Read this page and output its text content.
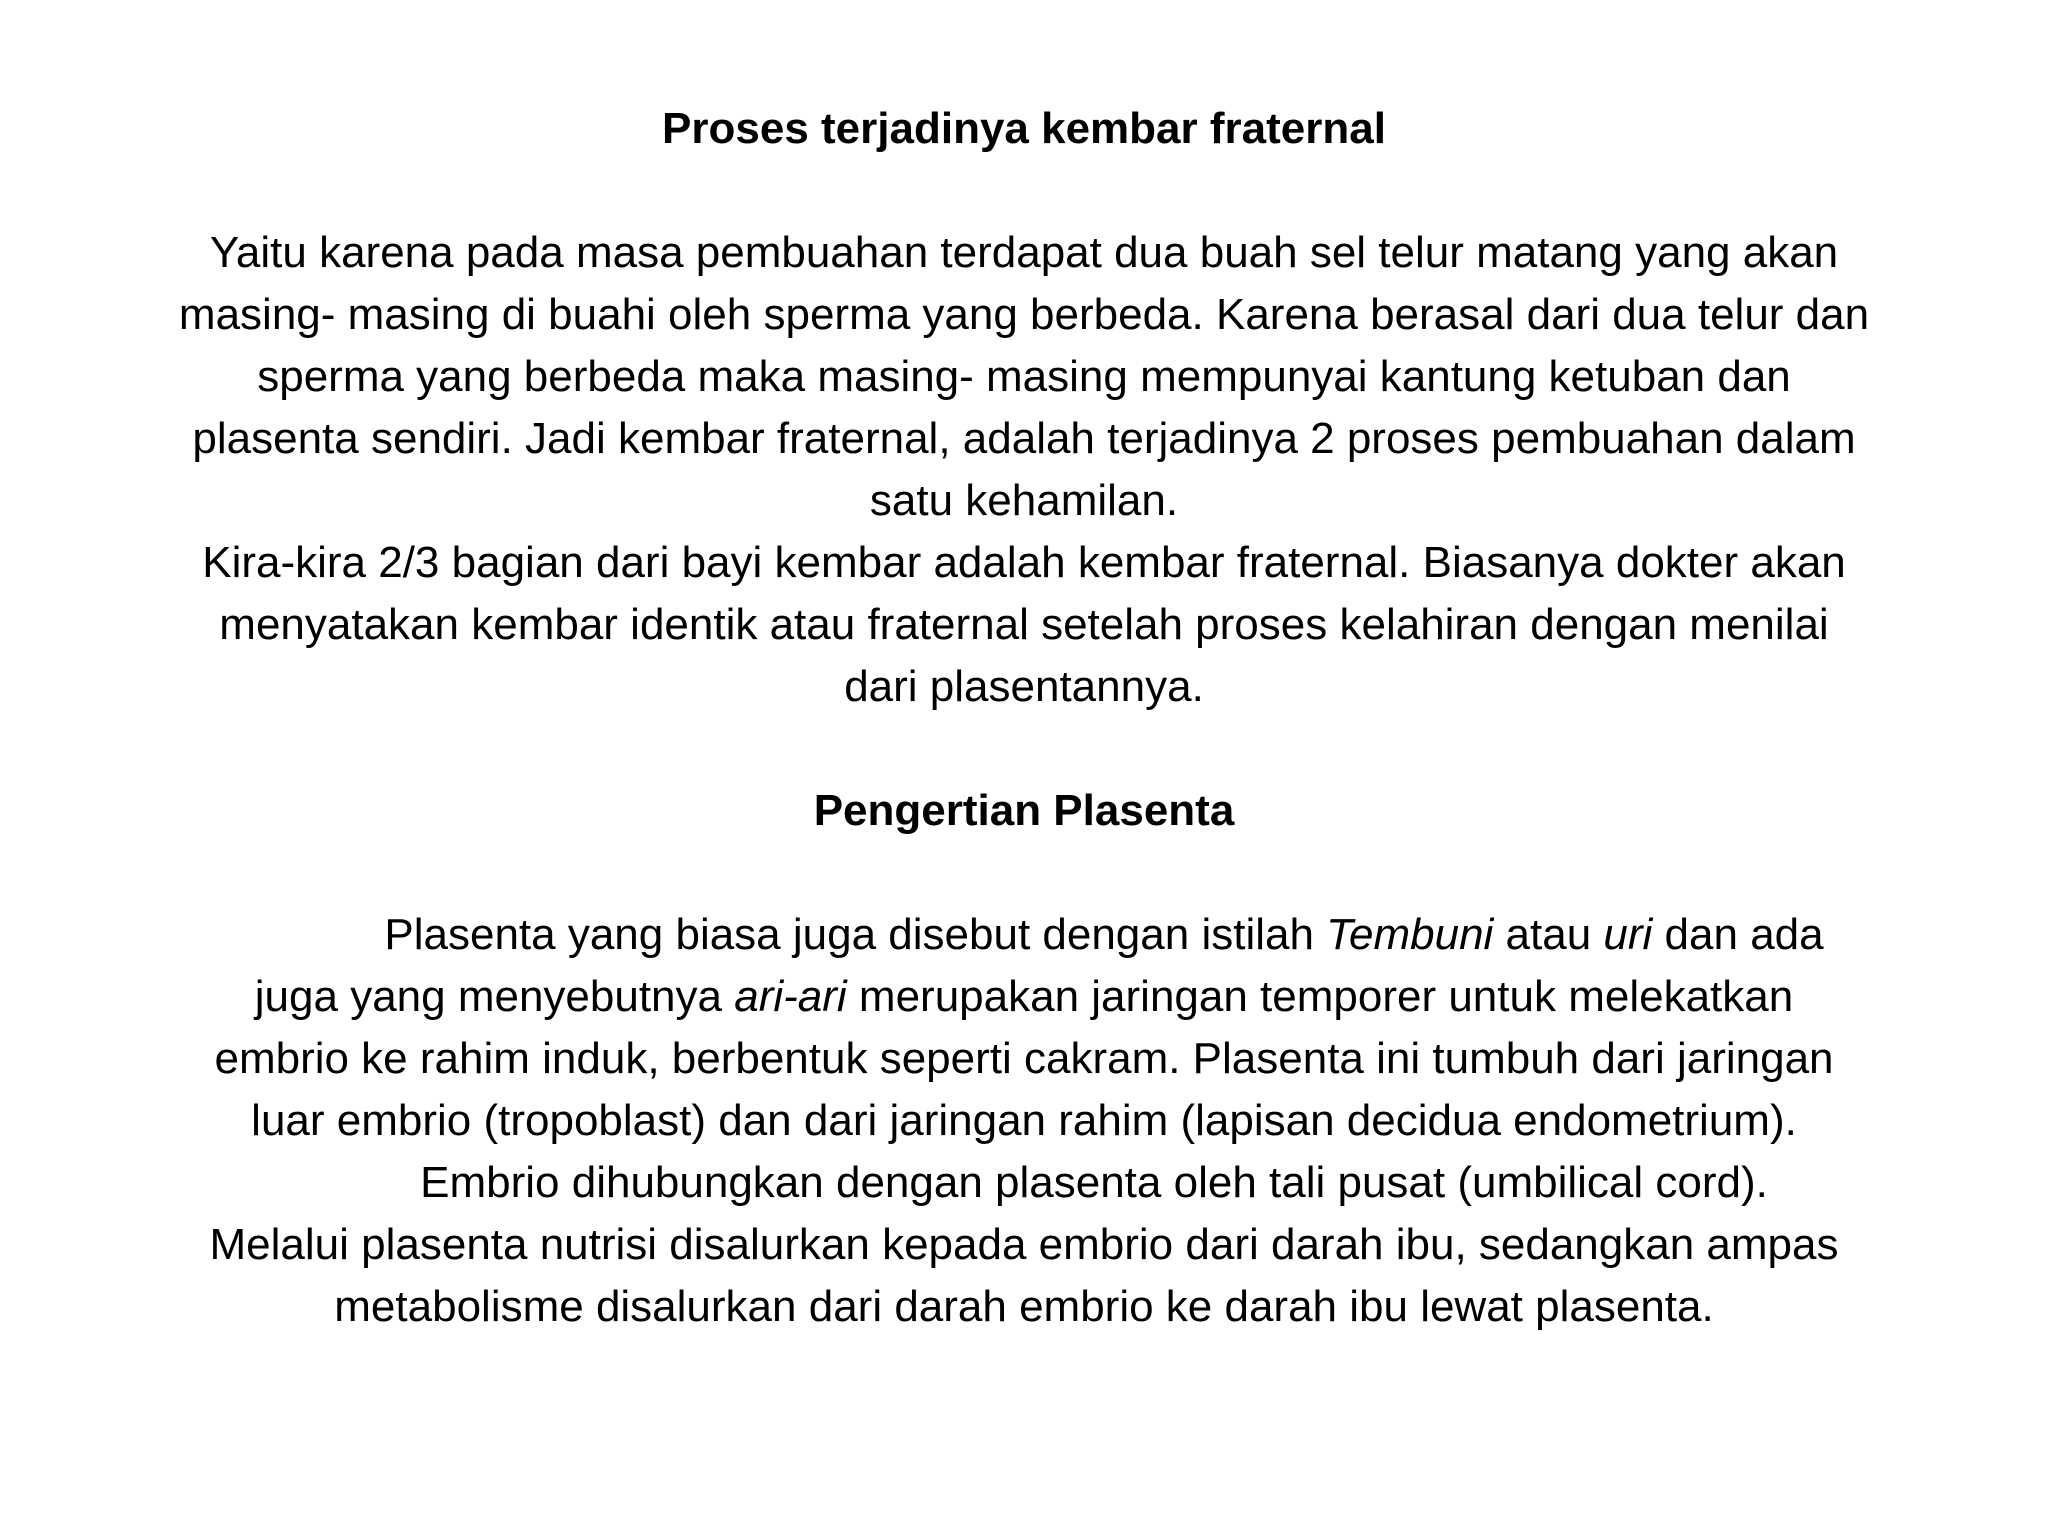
Proses terjadinya kembar fraternal
Yaitu karena pada masa pembuahan terdapat dua buah sel telur matang yang akan
masing- masing di buahi oleh sperma yang berbeda. Karena berasal dari dua telur dan
sperma yang berbeda maka masing- masing mempunyai kantung ketuban dan
plasenta sendiri. Jadi kembar fraternal, adalah terjadinya 2 proses pembuahan dalam
satu kehamilan.
Kira-kira 2/3 bagian dari bayi kembar adalah kembar fraternal. Biasanya dokter akan
menyatakan kembar identik atau fraternal setelah proses kelahiran dengan menilai
dari plasentannya.
Pengertian Plasenta
Plasenta yang biasa juga disebut dengan istilah Tembuni atau uri dan ada
juga yang menyebutnya ari-ari merupakan jaringan temporer untuk melekatkan
embrio ke rahim induk, berbentuk seperti cakram. Plasenta ini tumbuh dari jaringan
luar embrio (tropoblast) dan dari jaringan rahim (lapisan decidua endometrium).
Embrio dihubungkan dengan plasenta oleh tali pusat (umbilical cord).
Melalui plasenta nutrisi disalurkan kepada embrio dari darah ibu, sedangkan ampas
metabolisme disalurkan dari darah embrio ke darah ibu lewat plasenta.
